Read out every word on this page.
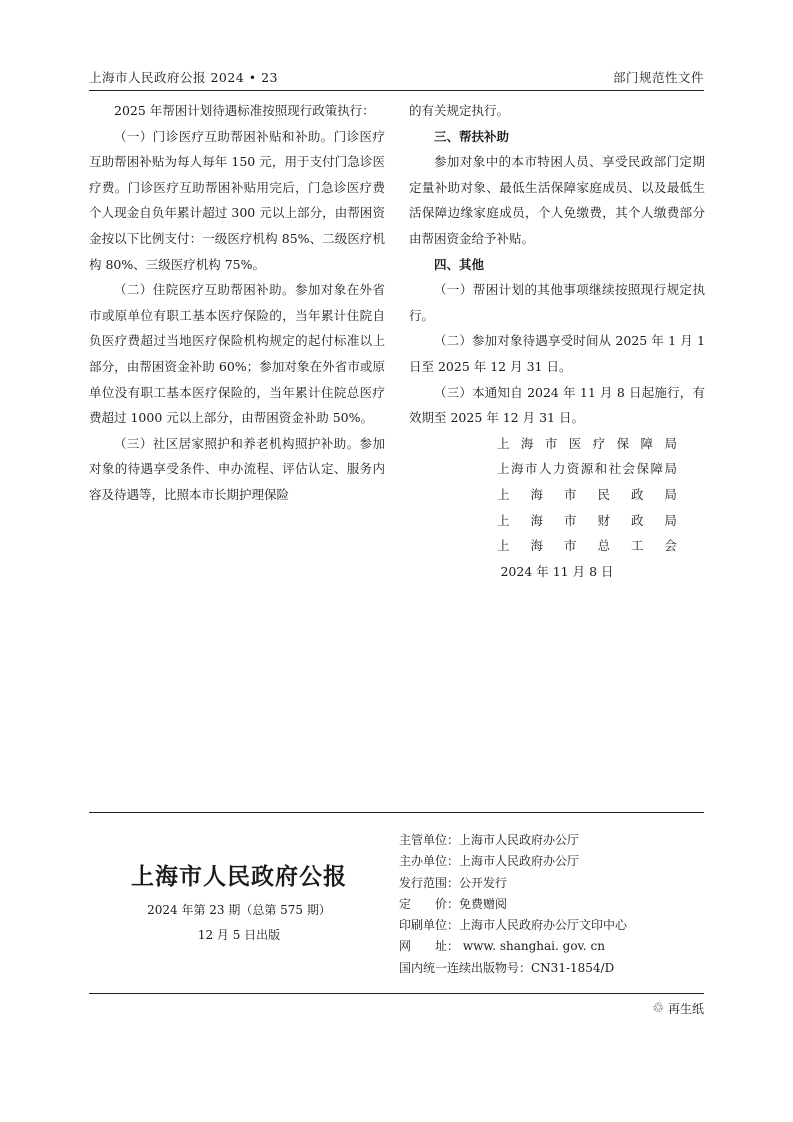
上海市人民政府公报 2024 • 23	部门规范性文件

2025 年帮困计划待遇标准按照现行政策执行：

（一）门诊医疗互助帮困补贴和补助。门诊医疗互助帮困补贴为每人每年 150 元，用于支付门急诊医疗费。门诊医疗互助帮困补贴用完后，门急诊医疗费个人现金自负年累计超过 300 元以上部分，由帮困资金按以下比例支付：一级医疗机构 85%、二级医疗机构 80%、三级医疗机构 75%。

（二）住院医疗互助帮困补助。参加对象在外省市或原单位有职工基本医疗保险的，当年累计住院自负医疗费超过当地医疗保险机构规定的起付标准以上部分，由帮困资金补助 60%；参加对象在外省市或原单位没有职工基本医疗保险的，当年累计住院总医疗费超过 1000 元以上部分，由帮困资金补助 50%。

（三）社区居家照护和养老机构照护补助。参加对象的待遇享受条件、申办流程、评估认定、服务内容及待遇等，比照本市长期护理保险

的有关规定执行。

三、帮扶补助

参加对象中的本市特困人员、享受民政部门定期定量补助对象、最低生活保障家庭成员、以及最低生活保障边缘家庭成员，个人免缴费，其个人缴费部分由帮困资金给予补贴。

四、其他

（一）帮困计划的其他事项继续按照现行规定执行。

（二）参加对象待遇享受时间从 2025 年 1 月 1 日至 2025 年 12 月 31 日。

（三）本通知自 2024 年 11 月 8 日起施行，有效期至 2025 年 12 月 31 日。

上 海 市 医 疗 保 障 局
上 海 市 人 力 资 源 和 社 会 保 障 局
上 海 市 民 政 局
上 海 市 财 政 局
上 海 市 总 工 会
2024 年 11 月 8 日
上海市人民政府公报
2024 年第 23 期（总第 575 期）
12 月 5 日出版
主管单位：上海市人民政府办公厅
主办单位：上海市人民政府办公厅
发行范围：公开发行
定　　价：免费赠阅
印刷单位：上海市人民政府办公厅文印中心
网　　址： www. shanghai. gov. cn
国内统一连续出版物号：CN31-1854/D
♲ 再生纸
